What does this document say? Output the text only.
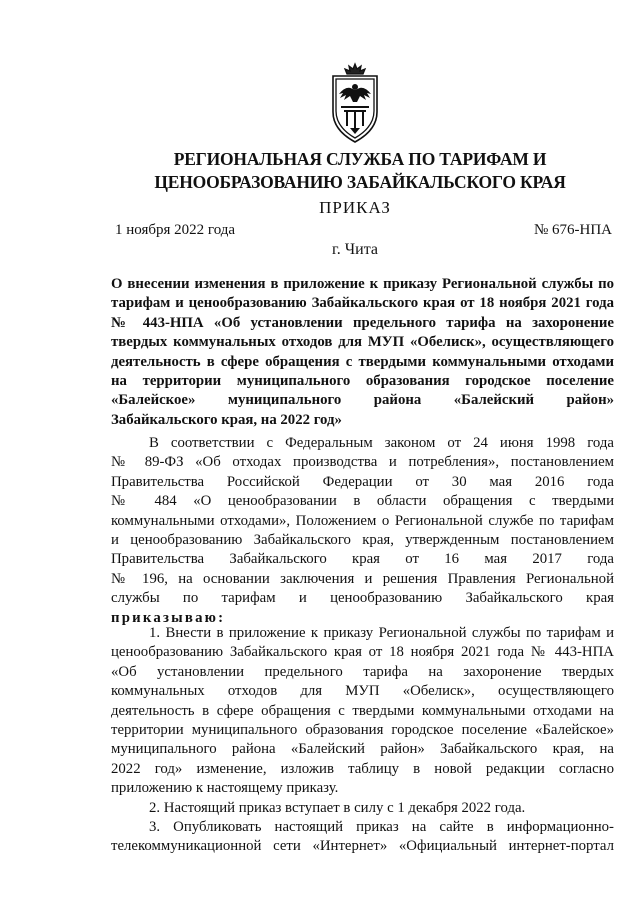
РЕГИОНАЛЬНАЯ СЛУЖБА ПО ТАРИФАМ И
ЦЕНООБРАЗОВАНИЮ ЗАБАЙКАЛЬСКОГО КРАЯ
ПРИКАЗ
1 ноября 2022 года	№ 676-НПА
г. Чита
О внесении изменения в приложение к приказу Региональной службы по
тарифам и ценообразованию Забайкальского края от 18 ноября 2021 года
№ 443-НПА «Об установлении предельного тарифа на захоронение
твердых коммунальных отходов для МУП «Обелиск», осуществляющего
деятельность в сфере обращения с твердыми коммунальными отходами
на территории муниципального образования городское поселение
«Балейское» муниципального района «Балейский район»
Забайкальского края, на 2022 год»
В соответствии с Федеральным законом от 24 июня 1998 года
№ 89-ФЗ «Об отходах производства и потребления», постановлением
Правительства Российской Федерации от 30 мая 2016 года
№ 484 «О ценообразовании в области обращения с твердыми
коммунальными отходами», Положением о Региональной службе по тарифам
и ценообразованию Забайкальского края, утвержденным постановлением
Правительства Забайкальского края от 16 мая 2017 года
№ 196, на основании заключения и решения Правления Региональной
службы по тарифам и ценообразованию Забайкальского края
приказываю:
1. Внести в приложение к приказу Региональной службы по тарифам и
ценообразованию Забайкальского края от 18 ноября 2021 года № 443-НПА
«Об установлении предельного тарифа на захоронение твердых
коммунальных отходов для МУП «Обелиск», осуществляющего
деятельность в сфере обращения с твердыми коммунальными отходами на
территории муниципального образования городское поселение «Балейское»
муниципального района «Балейский район» Забайкальского края, на
2022 год» изменение, изложив таблицу в новой редакции согласно
приложению к настоящему приказу.
2. Настоящий приказ вступает в силу с 1 декабря 2022 года.
3. Опубликовать настоящий приказ на сайте в информационно-
телекоммуникационной сети «Интернет» «Официальный интернет-портал
